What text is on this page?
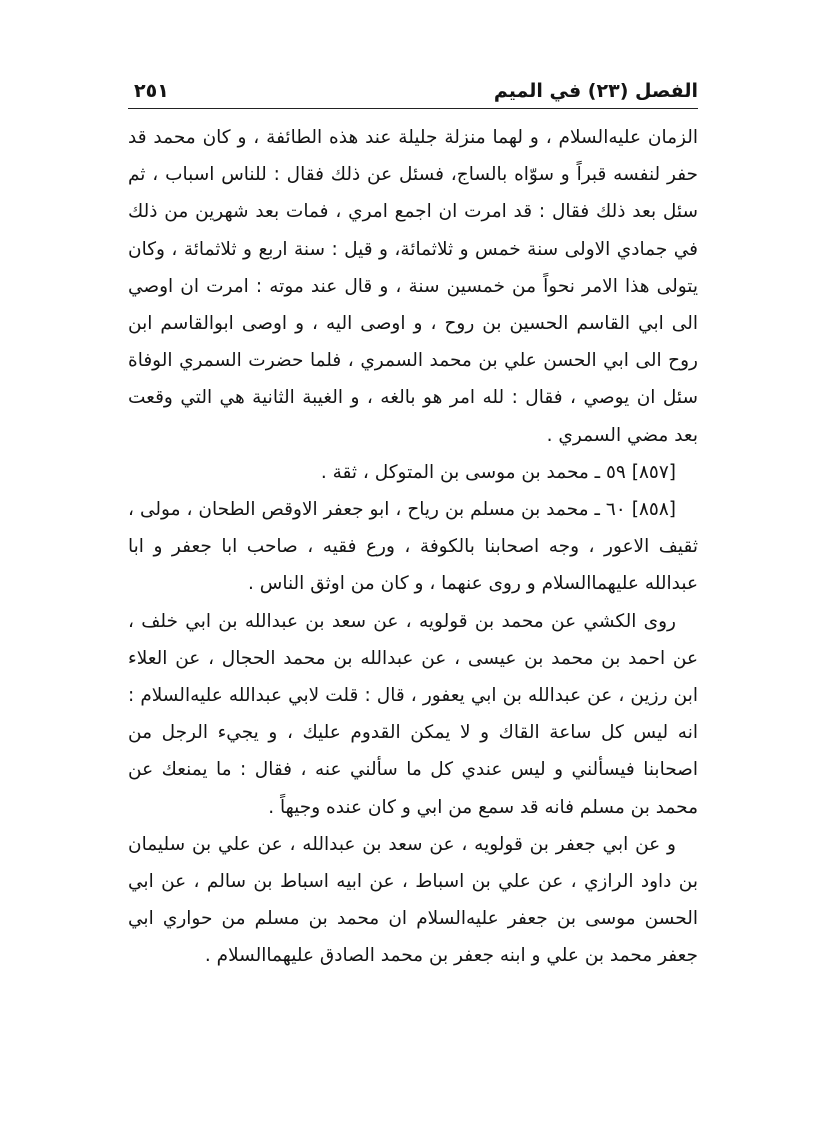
الفصل (٢٣) في الميم
٢٥١

الزمان عليه‌السلام ، و لهما منزلة جليلة عند هذه الطائفة ، و كان محمد قد حفر لنفسه قبراً و سوّاه بالساج، فسئل عن ذلك فقال : للناس اسباب ، ثم سئل بعد ذلك فقال : قد امرت ان اجمع امري ، فمات بعد شهرين من ذلك في جمادي الاولى سنة خمس و ثلاثمائة، و قيل : سنة اربع و ثلاثمائة ، وكان يتولى هذا الامر نحواً من خمسين سنة ، و قال عند موته : امرت ان اوصي الى ابي القاسم الحسين بن روح ، و اوصى اليه ، و اوصى ابوالقاسم ابن روح الى ابي الحسن علي بن محمد السمري ، فلما حضرت السمري الوفاة سئل ان يوصي ، فقال : لله امر هو بالغه ، و الغيبة الثانية هي التي وقعت بعد مضي السمري .

[٨٥٧] ٥٩ ـ محمد بن موسى بن المتوكل ، ثقة .

[٨٥٨] ٦٠ ـ محمد بن مسلم بن رياح ، ابو جعفر الاوقص الطحان ، مولى ، ثقيف الاعور ، وجه اصحابنا بالكوفة ، ورع فقيه ، صاحب ابا جعفر و ابا عبدالله عليهما‌السلام و روى عنهما ، و كان من اوثق الناس .

روى الكشي عن محمد بن قولويه ، عن سعد بن عبدالله بن ابي خلف ، عن احمد بن محمد بن عيسى ، عن عبدالله بن محمد الحجال ، عن العلاء ابن رزين ، عن عبدالله بن ابي يعفور ، قال : قلت لابي عبدالله عليه‌السلام : انه ليس كل ساعة القاك و لا يمكن القدوم عليك ، و يجيء الرجل من اصحابنا فيسألني و ليس عندي كل ما سألني عنه ، فقال : ما يمنعك عن محمد بن مسلم فانه قد سمع من ابي و كان عنده وجيهاً .

و عن ابي جعفر بن قولويه ، عن سعد بن عبدالله ، عن علي بن سليمان بن داود الرازي ، عن علي بن اسباط ، عن ابيه اسباط بن سالم ، عن ابي الحسن موسى بن جعفر عليه‌السلام ان محمد بن مسلم من حواري ابي جعفر محمد بن علي و ابنه جعفر بن محمد الصادق عليهما‌السلام .
